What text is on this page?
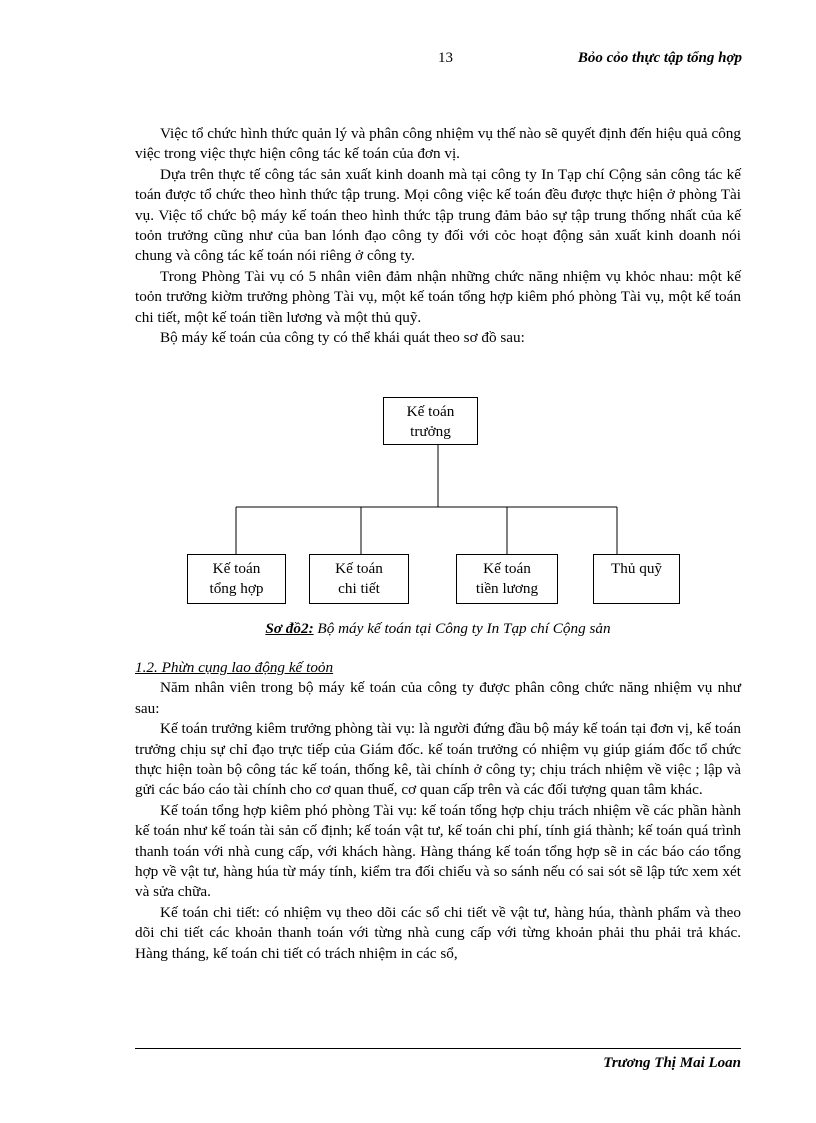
13	Bỏo cỏo thực tập tổng hợp

Việc tổ chức hình thức quản lý và phân công nhiệm vụ thế nào sẽ quyết định đến hiệu quả công việc trong việc thực hiện công tác kế toán của đơn vị.

Dựa trên thực tế công tác sản xuất kinh doanh mà tại công ty In Tạp chí Cộng sản công tác kế toán được tổ chức theo hình thức tập trung. Mọi công việc kế toán đều được thực hiện ở phòng Tài vụ. Việc tổ chức bộ máy kế toán theo hình thức tập trung đảm bảo sự tập trung thống nhất của kế toỏn trưởng cũng như của ban lónh đạo công ty đối với cỏc hoạt động sản xuất kinh doanh nói chung và công tác kế toán nói riêng ở công ty.

Trong Phòng Tài vụ có 5 nhân viên đảm nhận những chức năng nhiệm vụ khỏc nhau: một kế toỏn trưởng kiờm trưởng phòng Tài vụ, một kế toán tổng hợp kiêm phó phòng Tài vụ, một kế toán chi tiết, một kế toán tiền lương và một thủ quỹ.

Bộ máy kế toán của công ty có thể khái quát theo sơ đồ sau:

Kế toán
trưởng
Kế toán
tổng hợp
Kế toán
chi tiết
Kế toán
tiền lương
Thủ quỹ
Sơ đồ2: Bộ máy kế toán tại Công ty In Tạp chí Cộng sản

1.2. Phừn cụng lao động kế toỏn

Năm nhân viên trong bộ máy kế toán của công ty được phân công chức năng nhiệm vụ như sau:

Kế toán trưởng kiêm trưởng phòng tài vụ: là người đứng đầu bộ máy kế toán tại đơn vị, kế toán trưởng chịu sự chỉ đạo trực tiếp của Giám đốc. kế toán trưởng có nhiệm vụ giúp giám đốc tổ chức thực hiện toàn bộ công tác kế toán, thống kê, tài chính ở công ty; chịu trách nhiệm về việc ; lập và gửi các báo cáo tài chính cho cơ quan thuế, cơ quan cấp trên và các đối tượng quan tâm khác.

Kế toán tổng hợp kiêm phó phòng Tài vụ: kế toán tổng hợp chịu trách nhiệm về các phần hành kế toán như kế toán tài sản cố định; kế toán vật tư, kế toán chi phí, tính giá thành; kế toán quá trình thanh toán với nhà cung cấp, với khách hàng. Hàng tháng kế toán tổng hợp sẽ in các báo cáo tổng hợp về vật tư, hàng húa từ máy tính, kiểm tra đối chiếu và so sánh nếu có sai sót sẽ lập tức xem xét và sửa chữa.

Kế toán chi tiết: có nhiệm vụ theo dõi các sổ chi tiết về vật tư, hàng húa, thành phẩm và theo dõi chi tiết các khoản thanh toán với từng nhà cung cấp với từng khoản phải thu phải trả khác. Hàng tháng, kế toán chi tiết có trách nhiệm in các sổ,

Trương Thị Mai Loan
